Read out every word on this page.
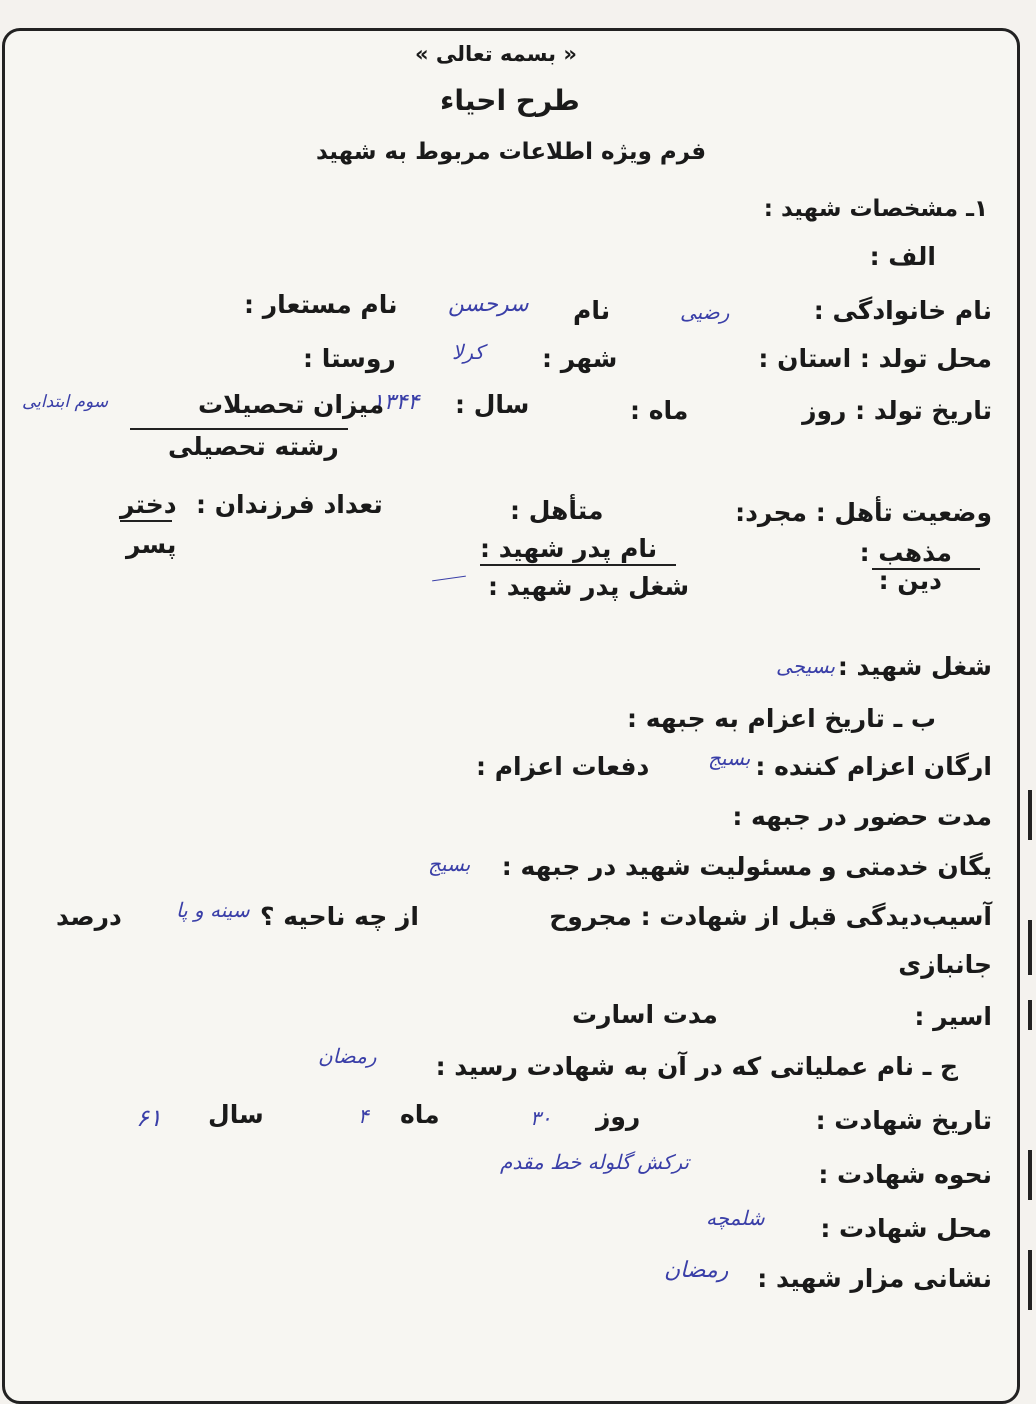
« بسمه تعالی »
طرح احیاء
فرم ویژه اطلاعات مربوط به شهید
۱ـ مشخصات شهید :
الف :
نام خانوادگی :
رضیی
نام
سرحسن
نام مستعار :
محل تولد : استان :
شهر :
کرلا
روستا :
تاریخ تولد : روز
ماه :
سال :
۱۳۴۴
میزان تحصیلات
سوم ابتدایی
رشته تحصیلی
وضعیت تأهل : مجرد:
متأهل :
تعداد فرزندان :
دختر
پسر	مذهب :
دین :
نام پدر شهید :
شغل پدر شهید :
شغل شهید :
بسیجی
ب ـ تاریخ اعزام به جبهه :
ارگان اعزام کننده :
بسیج
دفعات اعزام :
مدت حضور در جبهه :
یگان خدمتی و مسئولیت شهید در جبهه :
بسیج
آسیب‌دیدگی قبل از شهادت : مجروح
از چه ناحیه ؟
سینه و پا
درصد
جانبازی
اسیر :
مدت اسارت
ج ـ نام عملیاتی که در آن به شهادت رسید :
رمضان
تاریخ شهادت :
روز
۳۰
ماه
۴
سال
۶۱
نحوه شهادت :
ترکش گلوله خط مقدم
محل شهادت :
شلمچه
نشانی مزار شهید :
رمضان
